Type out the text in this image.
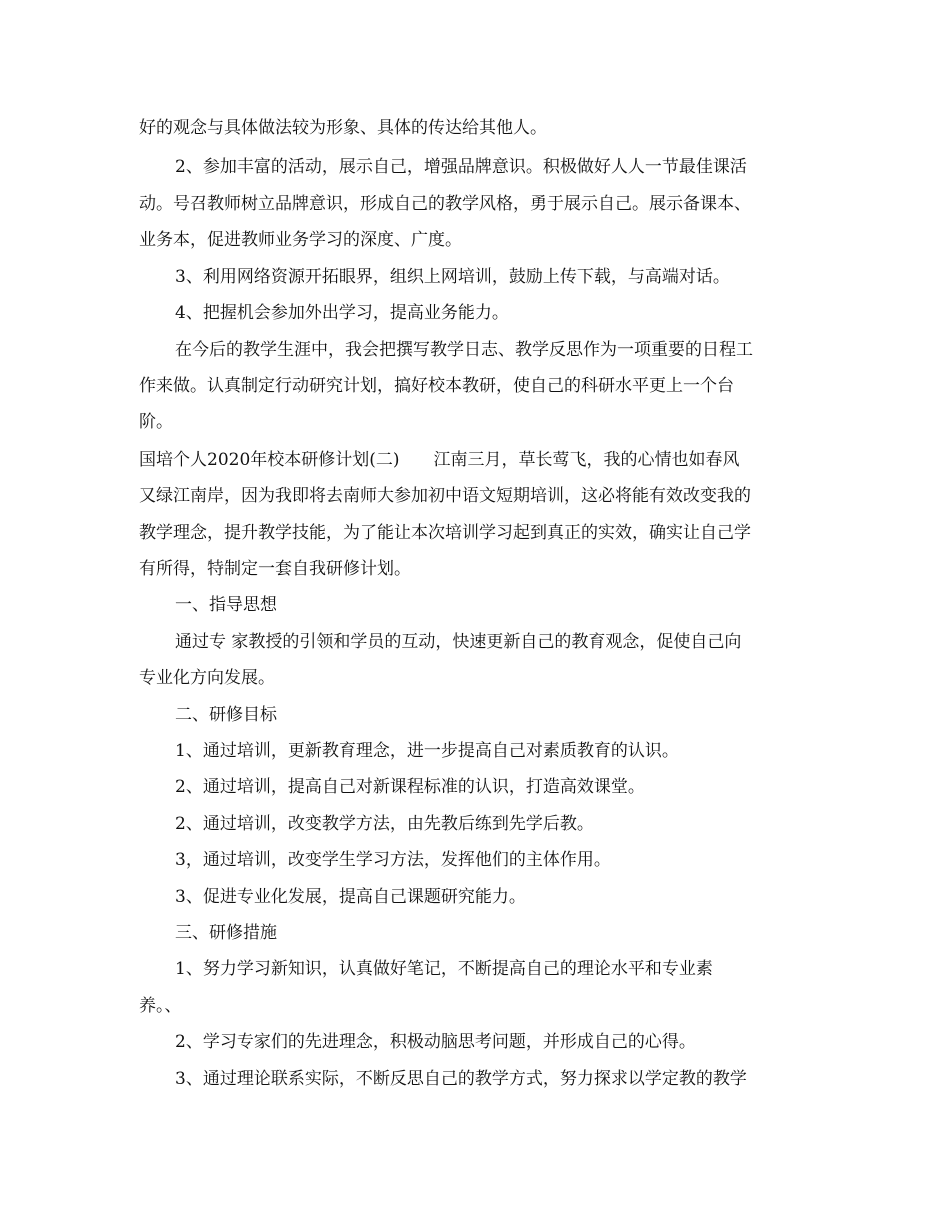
好的观念与具体做法较为形象、具体的传达给其他人。
2、参加丰富的活动，展示自己，增强品牌意识。积极做好人人一节最佳课活
动。号召教师树立品牌意识，形成自己的教学风格，勇于展示自己。展示备课本、
业务本，促进教师业务学习的深度、广度。
3、利用网络资源开拓眼界，组织上网培训，鼓励上传下载，与高端对话。
4、把握机会参加外出学习，提高业务能力。
在今后的教学生涯中，我会把撰写教学日志、教学反思作为一项重要的日程工
作来做。认真制定行动研究计划，搞好校本教研，使自己的科研水平更上一个台
阶。
国培个人2020年校本研修计划(二)　　江南三月，草长莺飞，我的心情也如春风
又绿江南岸，因为我即将去南师大参加初中语文短期培训，这必将能有效改变我的
教学理念，提升教学技能，为了能让本次培训学习起到真正的实效，确实让自己学
有所得，特制定一套自我研修计划。
一、指导思想
通过专 家教授的引领和学员的互动，快速更新自己的教育观念，促使自己向
专业化方向发展。
二、研修目标
1、通过培训，更新教育理念，进一步提高自己对素质教育的认识。
2、通过培训，提高自己对新课程标准的认识，打造高效课堂。
2、通过培训，改变教学方法，由先教后练到先学后教。
3，通过培训，改变学生学习方法，发挥他们的主体作用。
3、促进专业化发展，提高自己课题研究能力。
三、研修措施
1、努力学习新知识，认真做好笔记，不断提高自己的理论水平和专业素
养。、
2、学习专家们的先进理念，积极动脑思考问题，并形成自己的心得。
3、通过理论联系实际，不断反思自己的教学方式，努力探求以学定教的教学
